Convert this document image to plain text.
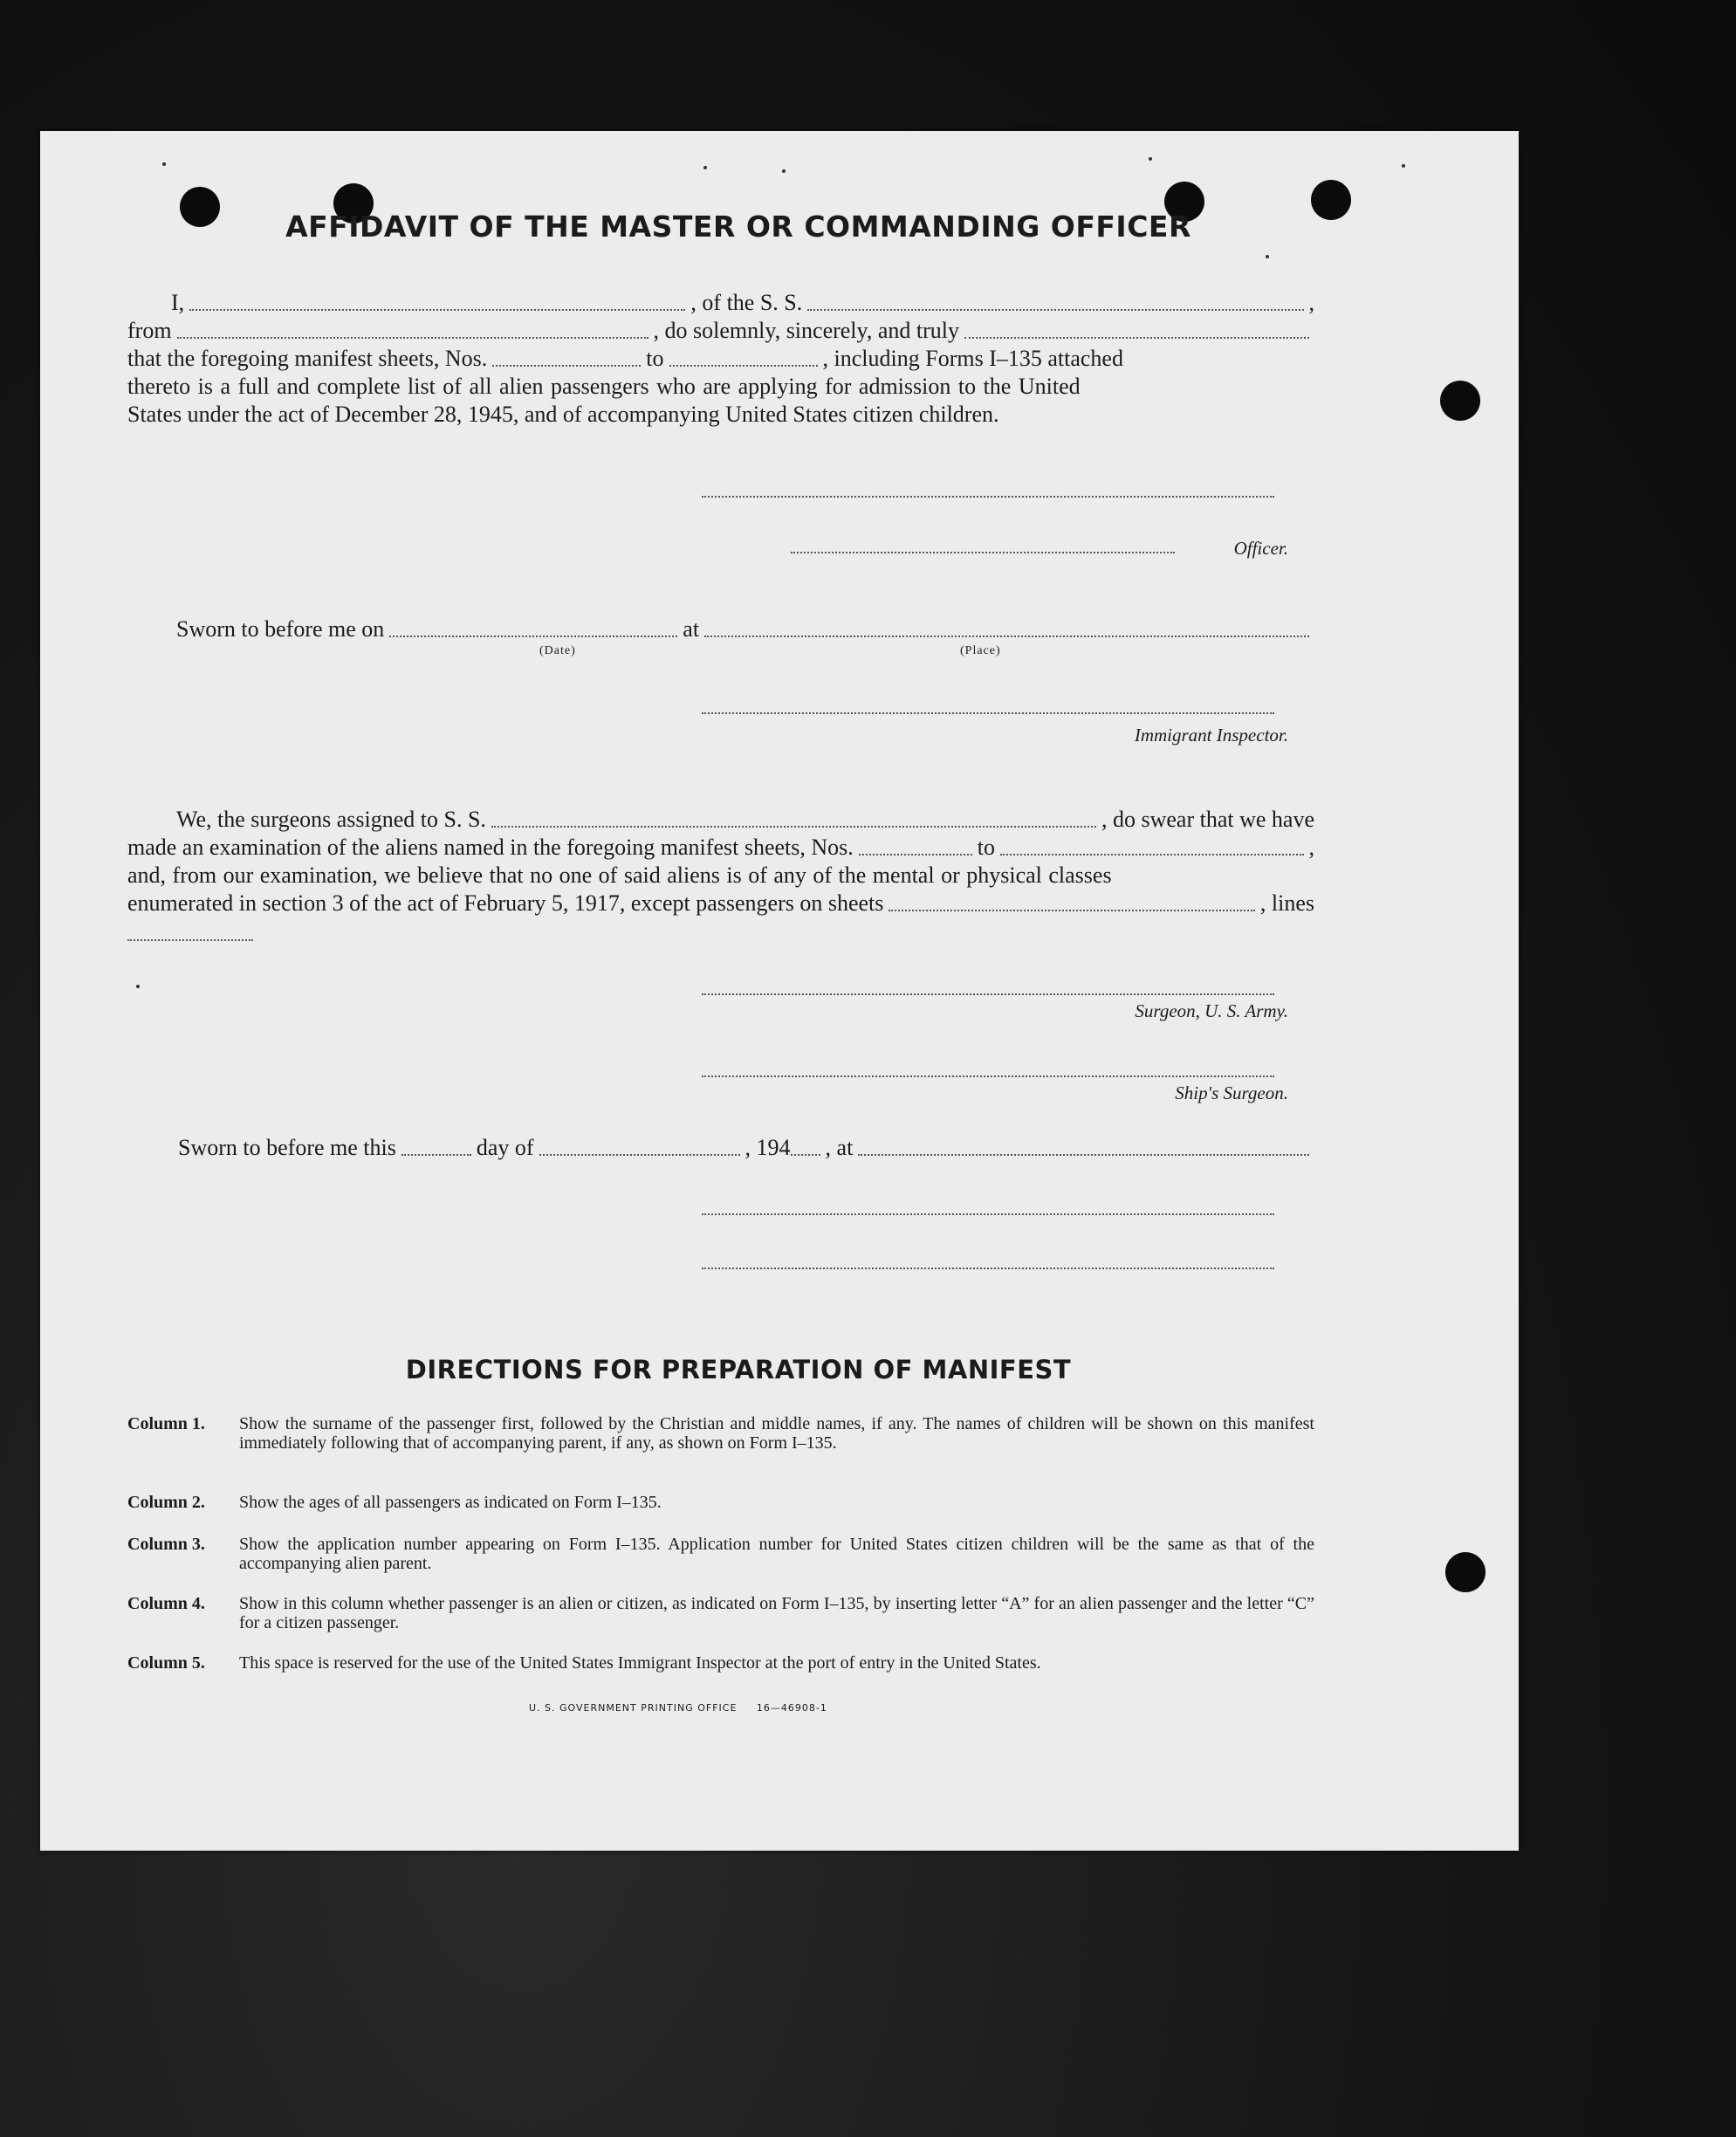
AFFIDAVIT OF THE MASTER OR COMMANDING OFFICER
I,	, of the S. S.	,
from	, do solemnly, sincerely, and truly
that the foregoing manifest sheets, Nos.	to	, including Forms I–135 attached
thereto is a full and complete list of all alien passengers who are applying for admission to the United
States under the act of December 28, 1945, and of accompanying United States citizen children.
Officer.
Sworn to before me on	at
(Date)	(Place)
Immigrant Inspector.
We, the surgeons assigned to S. S.	, do swear that we have
made an examination of the aliens named in the foregoing manifest sheets, Nos.	to	,
and, from our examination, we believe that no one of said aliens is of any of the mental or physical classes
enumerated in section 3 of the act of February 5, 1917, except passengers on sheets	, lines
Surgeon, U. S. Army.
Ship's Surgeon.
Sworn to before me this	day of	, 194 , at
DIRECTIONS FOR PREPARATION OF MANIFEST
Column 1.	Show the surname of the passenger first, followed by the Christian and middle names, if any. The names of children will be shown on this manifest immediately following that of accompanying parent, if any, as shown on Form I–135.
Column 2.	Show the ages of all passengers as indicated on Form I–135.
Column 3.	Show the application number appearing on Form I–135. Application number for United States citizen children will be the same as that of the accompanying alien parent.
Column 4.	Show in this column whether passenger is an alien or citizen, as indicated on Form I–135, by inserting letter “A” for an alien passenger and the letter “C” for a citizen passenger.
Column 5.	This space is reserved for the use of the United States Immigrant Inspector at the port of entry in the United States.
U. S. GOVERNMENT PRINTING OFFICE     16—46908-1
